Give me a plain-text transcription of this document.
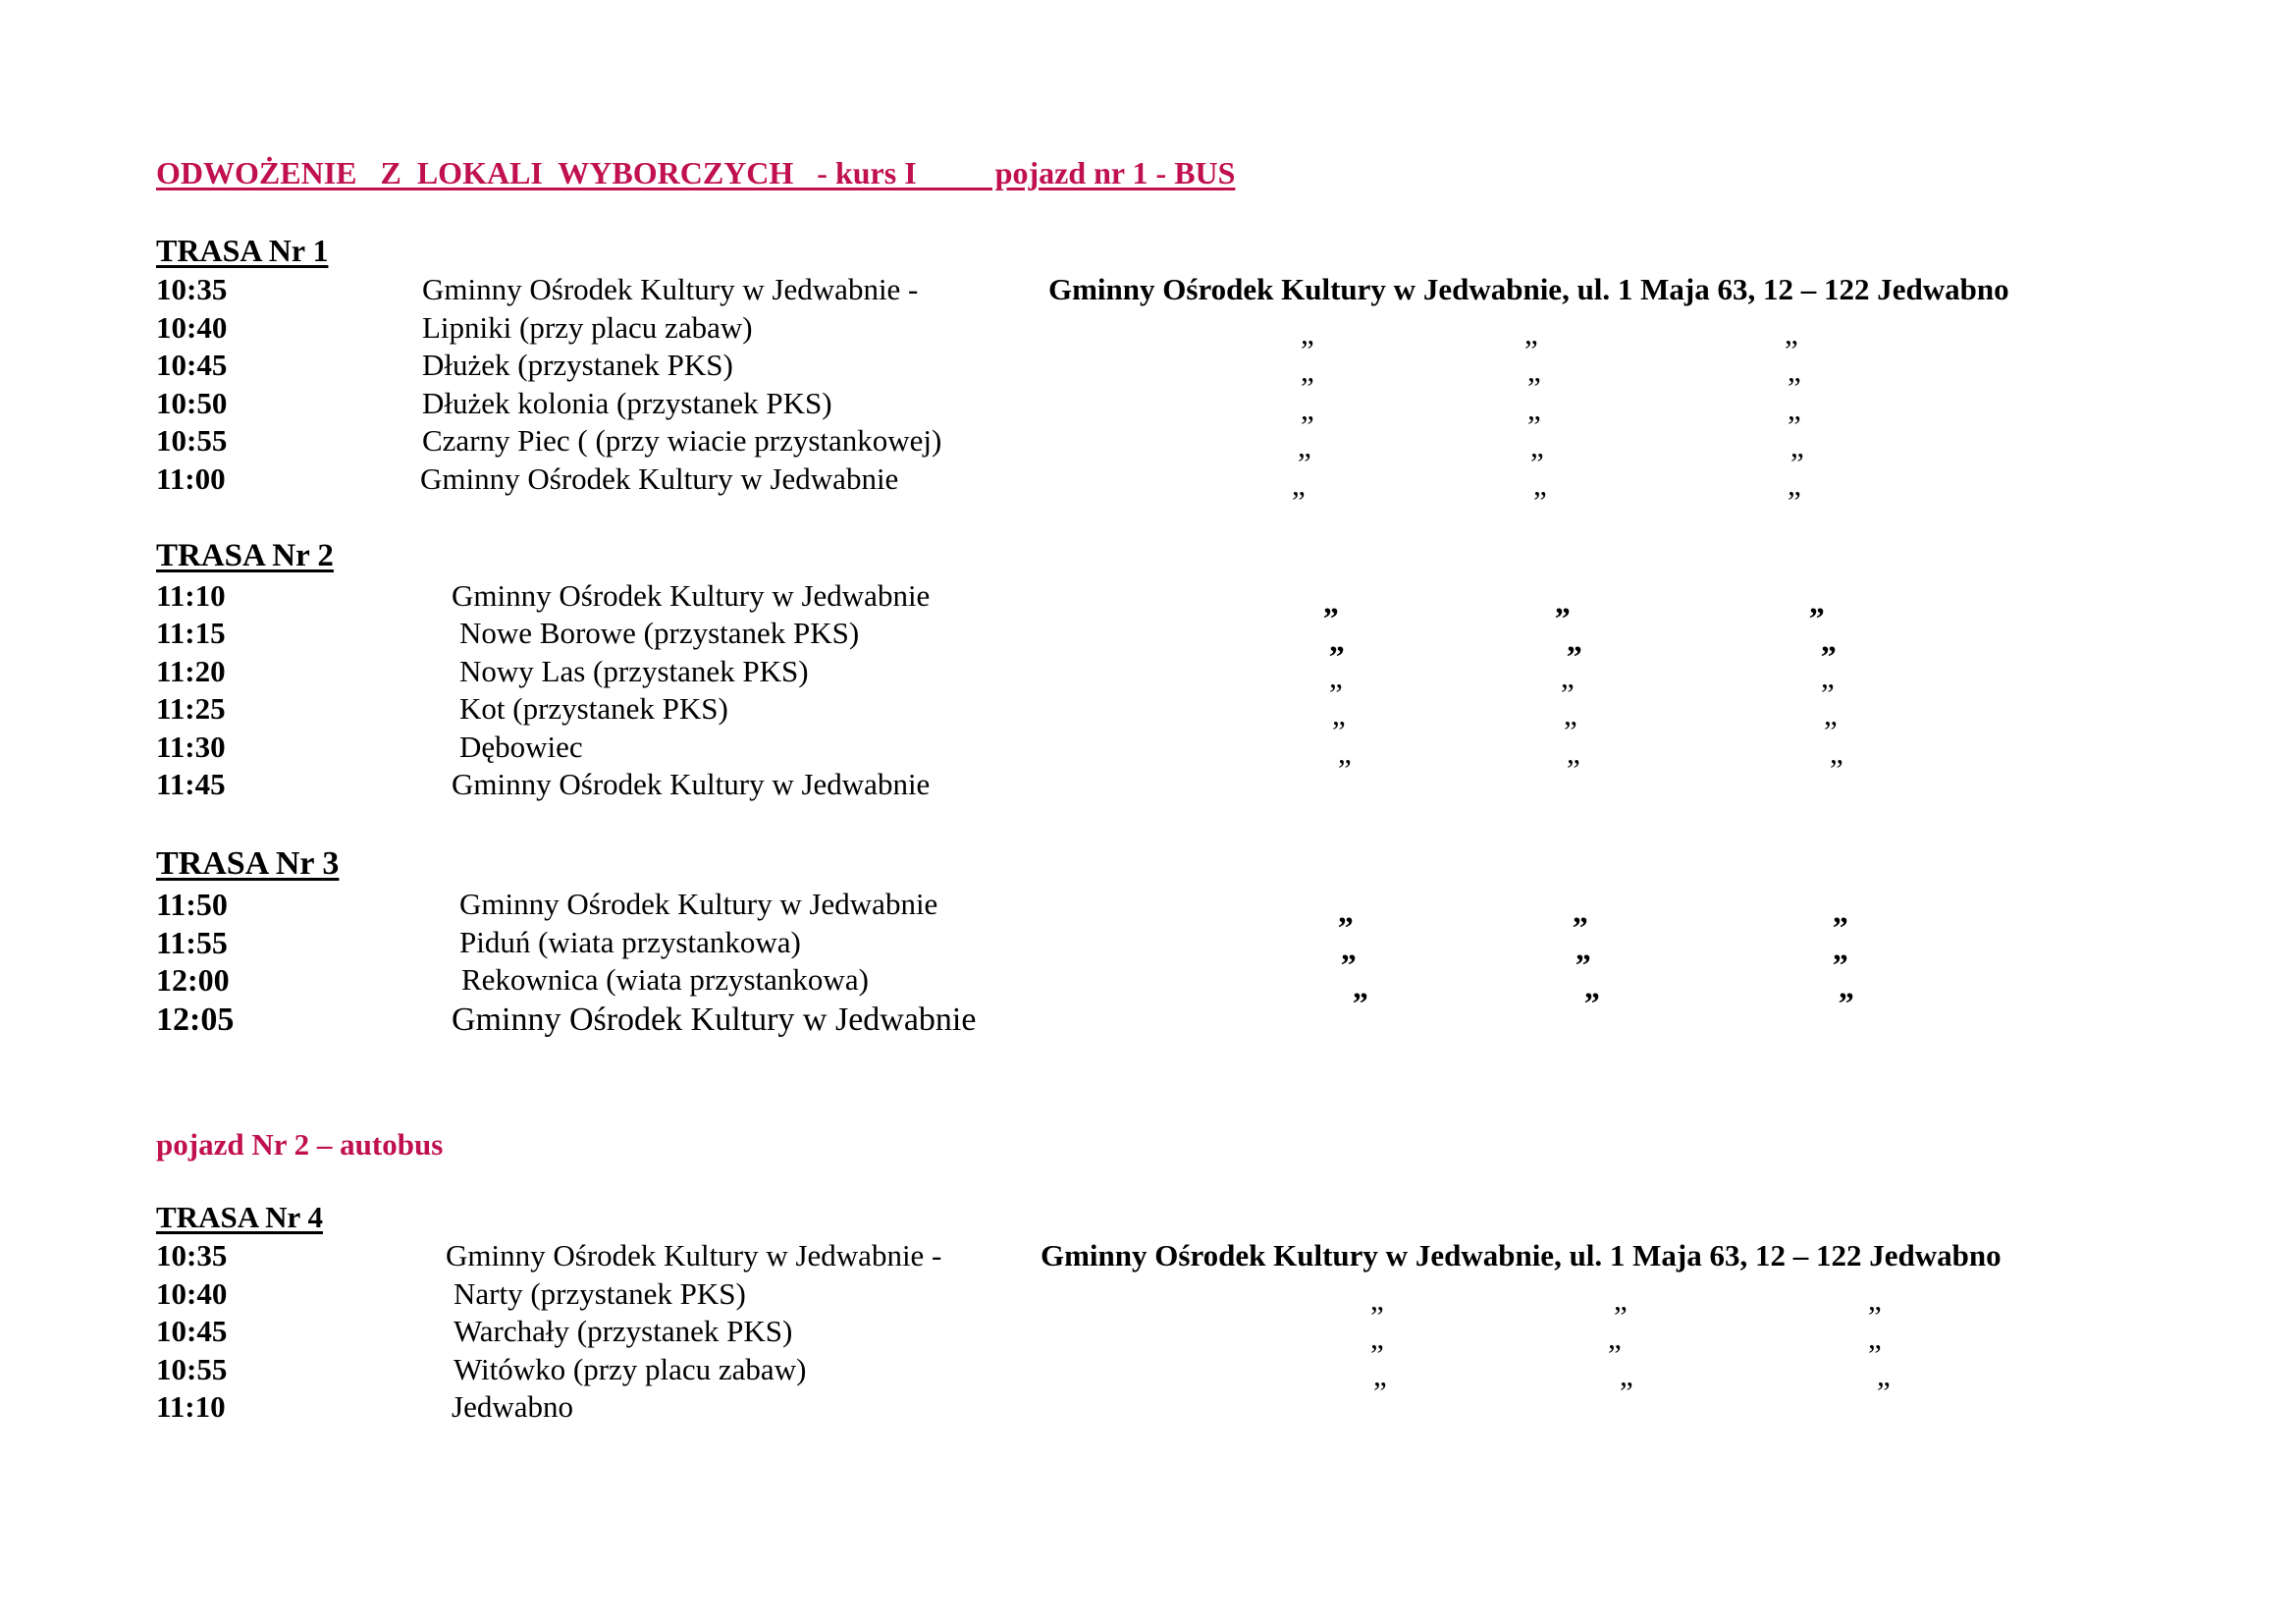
ODWOŻENIE   Z  LOKALI  WYBORCZYCH   - kurs I          pojazd nr 1 - BUS
TRASA Nr 1
10:35	Gminny Ośrodek Kultury w Jedwabnie -	Gminny Ośrodek Kultury w Jedwabnie, ul. 1 Maja 63, 12 – 122 Jedwabno
10:40	Lipniki (przy placu zabaw)	„	„	„
10:45	Dłużek (przystanek PKS)	„	„	„
10:50	Dłużek kolonia (przystanek PKS)	„	„	„
10:55	Czarny Piec ( (przy wiacie przystankowej)	„	„	„
11:00	Gminny Ośrodek Kultury w Jedwabnie	„	„	„
TRASA Nr 2
11:10	Gminny Ośrodek Kultury w Jedwabnie	„	„	„
11:15	Nowe Borowe (przystanek PKS)	„	„	„
11:20	Nowy Las (przystanek PKS)	„	„	„
11:25	Kot (przystanek PKS)	„	„	„
11:30	Dębowiec	„	„	„
11:45	Gminny Ośrodek Kultury w Jedwabnie
TRASA Nr 3
11:50	Gminny Ośrodek Kultury w Jedwabnie	„	„	„
11:55	Piduń (wiata przystankowa)	„	„	„
12:00	Rekownica (wiata przystankowa)	„	„	„
12:05	Gminny Ośrodek Kultury w Jedwabnie
pojazd Nr 2 – autobus
TRASA Nr 4
10:35	Gminny Ośrodek Kultury w Jedwabnie -	Gminny Ośrodek Kultury w Jedwabnie, ul. 1 Maja 63, 12 – 122 Jedwabno
10:40	Narty (przystanek PKS)	„	„	„
10:45	Warchały (przystanek PKS)	„	„	„
10:55	Witówko (przy placu zabaw)	„	„	„
11:10	Jedwabno
